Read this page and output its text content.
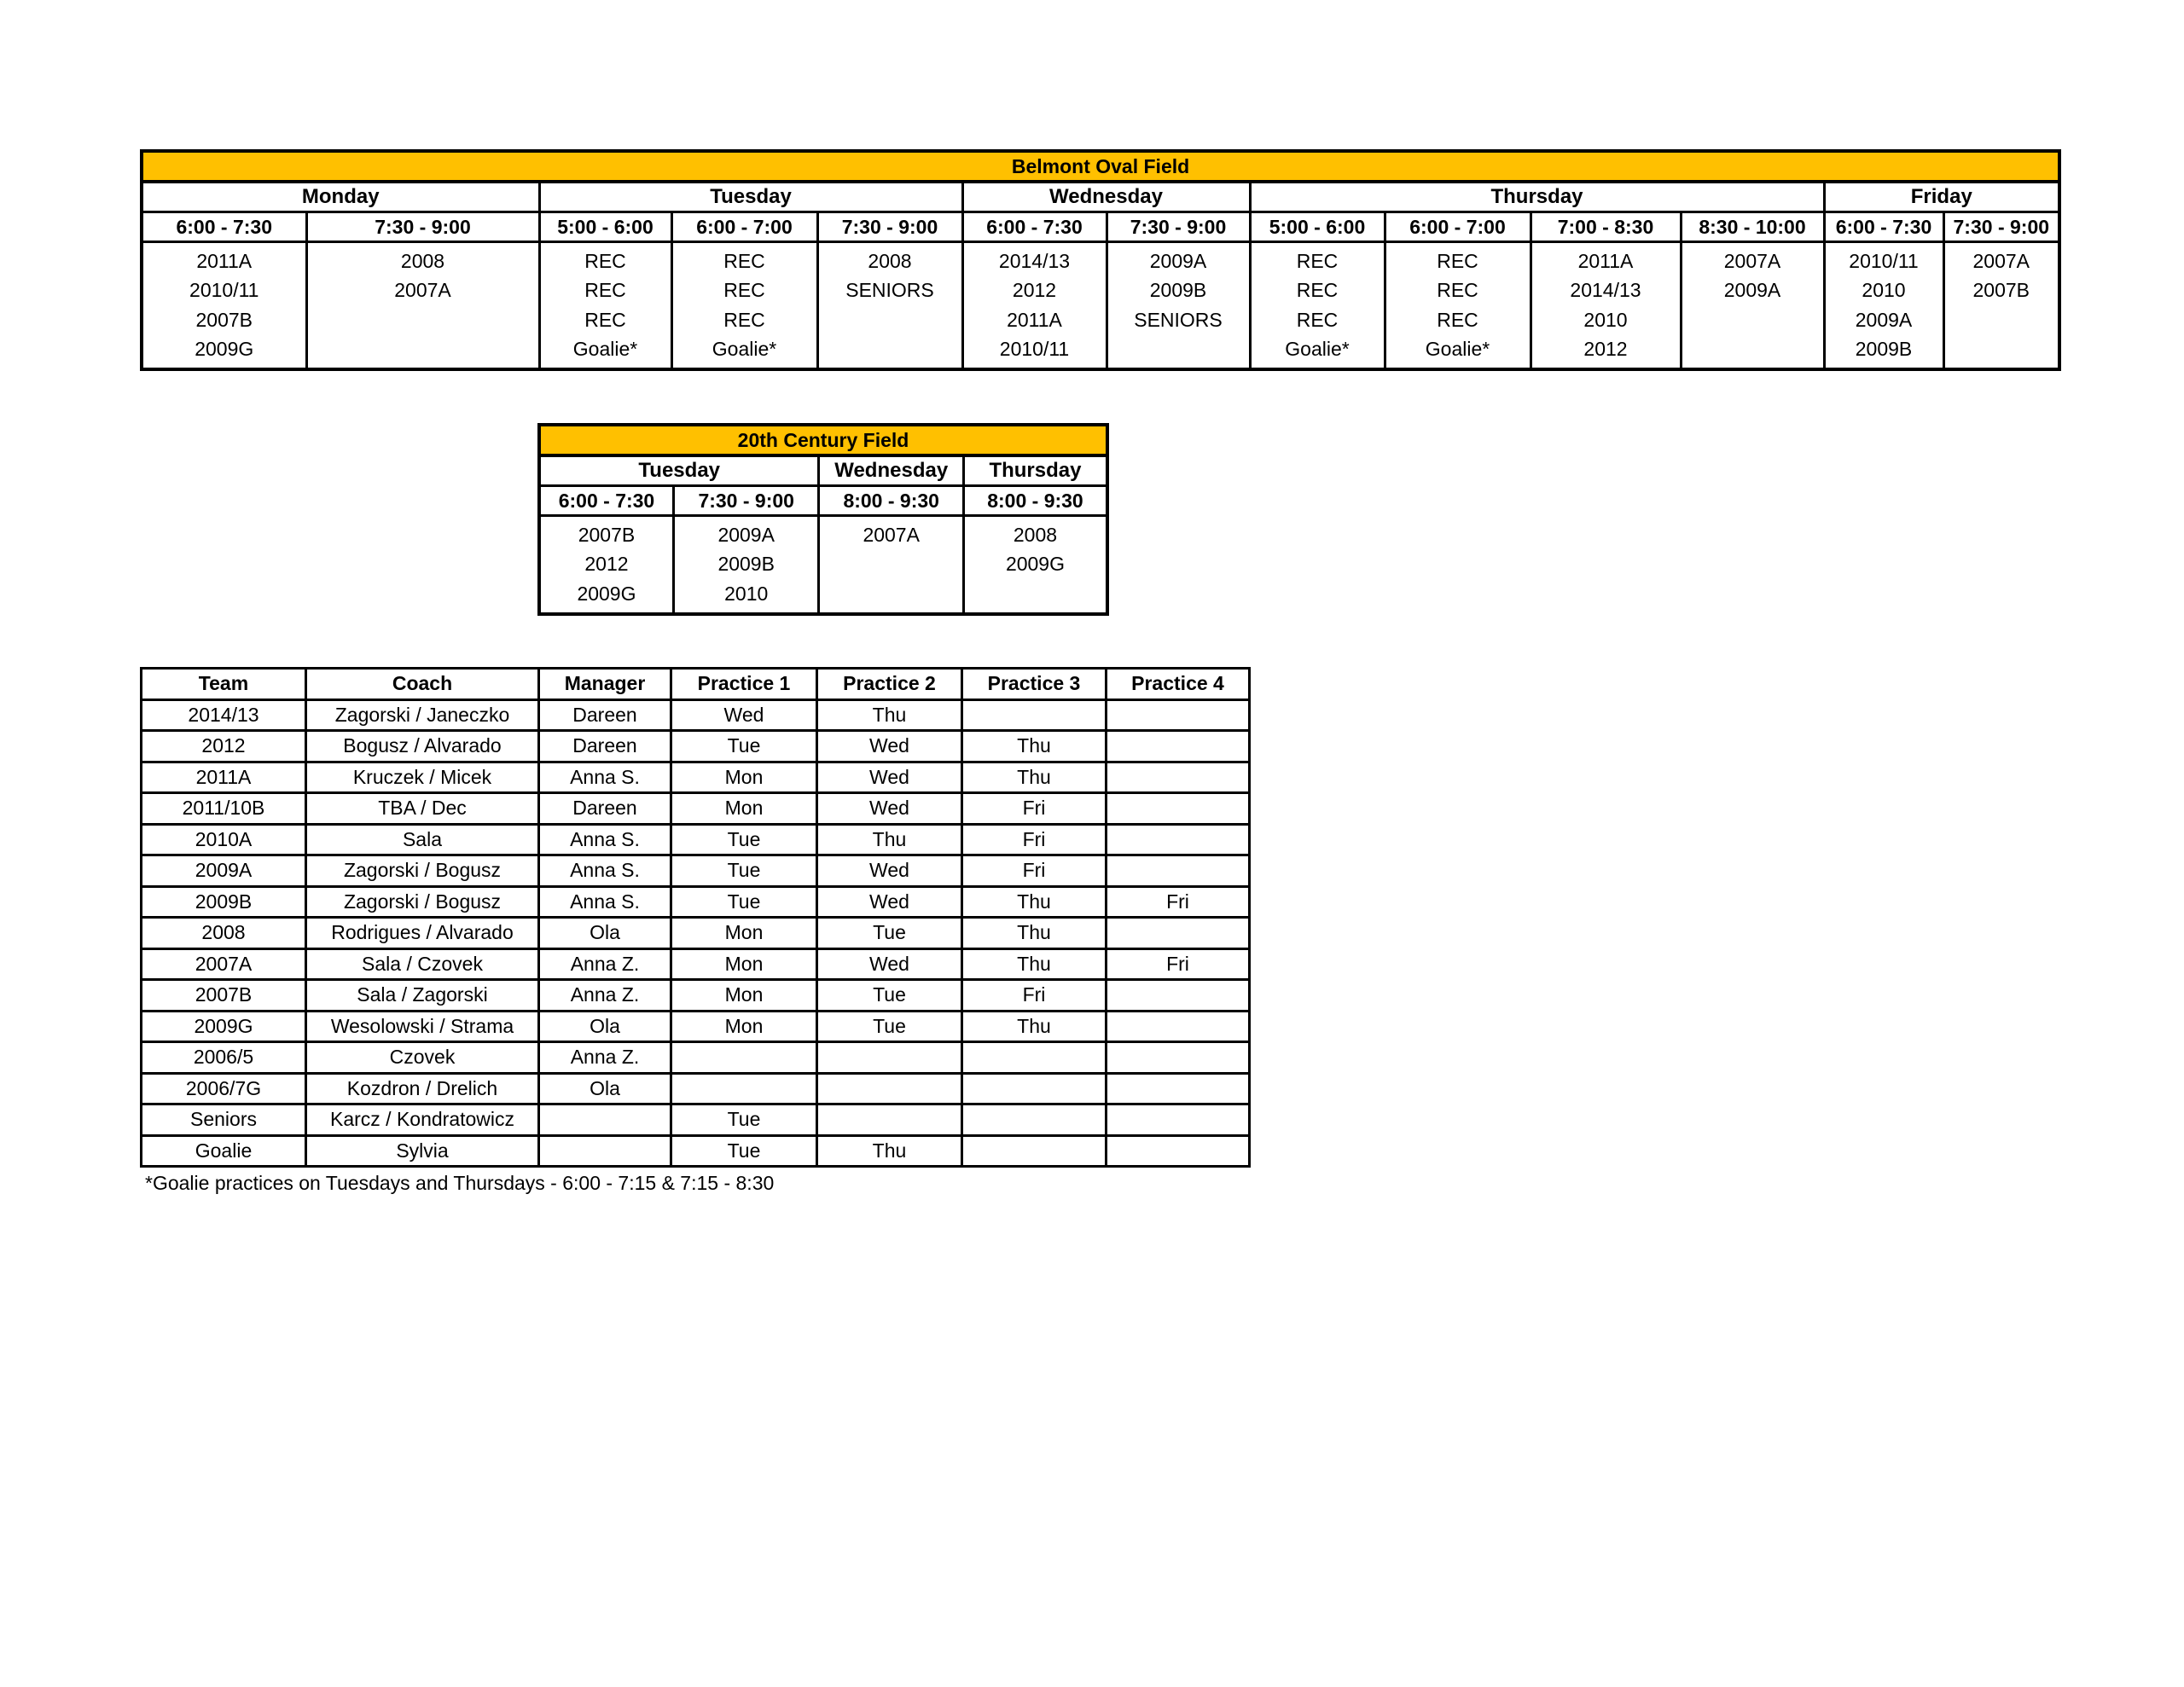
Belmont Oval Field												
Monday		Tuesday			Wednesday		Thursday				Friday	
6:00 - 7:30	7:30 - 9:00	5:00 - 6:00	6:00 - 7:00	7:30 - 9:00	6:00 - 7:30	7:30 - 9:00	5:00 - 6:00	6:00 - 7:00	7:00 - 8:30	8:30 - 10:00	6:00 - 7:30	7:30 - 9:00
2011A	2008	REC	REC	2008	2014/13	2009A	REC	REC	2011A	2007A	2010/11	2007A
2010/11	2007A	REC	REC	SENIORS	2012	2009B	REC	REC	2014/13	2009A	2010	2007B
2007B		REC	REC		2011A	SENIORS	REC	REC	2010		2009A	
2009G		Goalie*	Goalie*		2010/11		Goalie*	Goalie*	2012		2009B	
20th Century Field			
Tuesday		Wednesday	Thursday
6:00 - 7:30	7:30 - 9:00	8:00 - 9:30	8:00 - 9:30
2007B	2009A	2007A	2008
2012	2009B		2009G
2009G	2010		
Team	Coach	Manager	Practice 1	Practice 2	Practice 3	Practice 4
2014/13	Zagorski / Janeczko	Dareen	Wed	Thu		
2012	Bogusz / Alvarado	Dareen	Tue	Wed	Thu	
2011A	Kruczek / Micek	Anna S.	Mon	Wed	Thu	
2011/10B	TBA / Dec	Dareen	Mon	Wed	Fri	
2010A	Sala	Anna S.	Tue	Thu	Fri	
2009A	Zagorski / Bogusz	Anna S.	Tue	Wed	Fri	
2009B	Zagorski / Bogusz	Anna S.	Tue	Wed	Thu	Fri
2008	Rodrigues / Alvarado	Ola	Mon	Tue	Thu	
2007A	Sala / Czovek	Anna Z.	Mon	Wed	Thu	Fri
2007B	Sala / Zagorski	Anna Z.	Mon	Tue	Fri	
2009G	Wesolowski / Strama	Ola	Mon	Tue	Thu	
2006/5	Czovek	Anna Z.				
2006/7G	Kozdron / Drelich	Ola				
Seniors	Karcz / Kondratowicz		Tue			
Goalie	Sylvia		Tue	Thu		
*Goalie practices on Tuesdays and Thursdays - 6:00 - 7:15 & 7:15 - 8:30
